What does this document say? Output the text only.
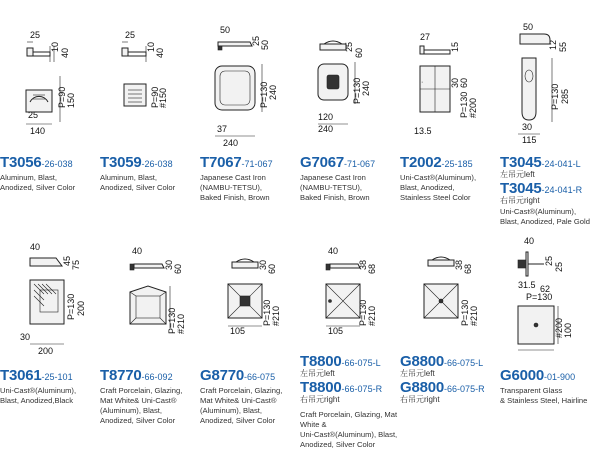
25
10
40
P=90 150
25
140
T3056-26-038
Aluminum, Blast,
Anodized, Silver Color
25
10
40
P=90
#150
T3059-26-038
Aluminum, Blast,
Anodized, Silver Color
50
25 50
P=130 240
37
240
T7067-71-067
Japanese Cast Iron
(NAMBU-TETSU),
Baked Finish, Brown
25
60
P=130 240
120
240
G7067-71-067
Japanese Cast Iron
(NAMBU-TETSU),
Baked Finish, Brown
27
15
30 60
·
P=130 #200
13.5
T2002-25-185
Uni-Cast®(Aluminum),
Blast, Anodized,
Stainless Steel Color
50
12 55
P=130 285
30
115
T3045-24-041-L
左吊元left
T3045-24-041-R
右吊元right
Uni-Cast®(Aluminum),
Blast, Anodized, Pale Gold
40
45 75
P=130 200
30
200
T3061-25-101
Uni-Cast®(Aluminum),
Blast, Anodized,Black
40
30 60
P=130 #210
T8770-66-092
Craft Porcelain, Glazing,
Mat White& Uni-Cast®
(Aluminum), Blast,
Anodized, Silver Color
30 60
P=130 #210
105
G8770-66-075
Craft Porcelain, Glazing,
Mat White& Uni-Cast®
(Aluminum), Blast,
Anodized, Silver Color
40
38 68
P=130 #210
105
T8800-66-075-L
左吊元left
T8800-66-075-R
右吊元right
Craft Porcelain, Glazing, Mat White &
Uni-Cast®(Aluminum), Blast, Anodized, Silver Color
38 68
P=130 #210
G8800-66-075-L
左吊元left
G8800-66-075-R
右吊元right
40
25
25
31.5 62
P=130
#200 100
G6000-01-900
Transparent Glass
& Stainless Steel, Hairline
